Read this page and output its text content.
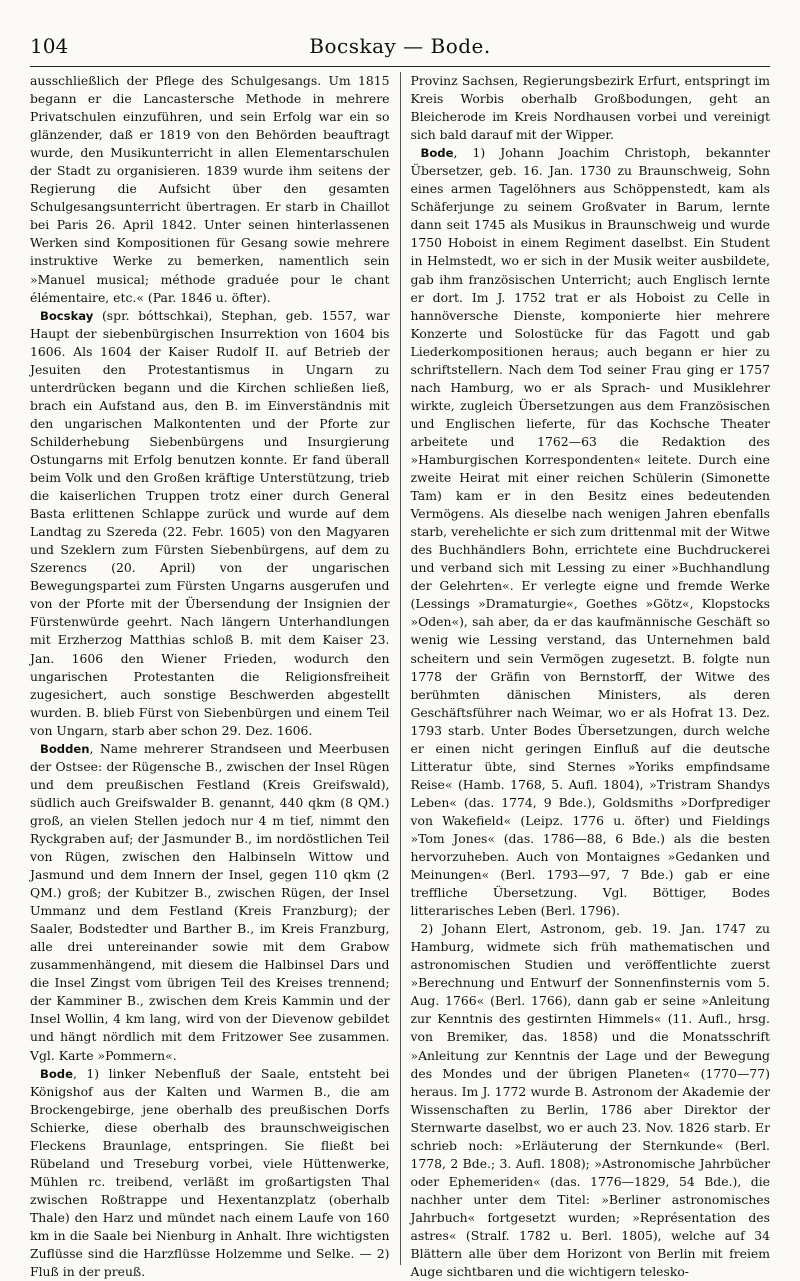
104	Bocskay — Bode.

ausschließlich der Pflege des Schulgesangs. Um 1815 begann er die Lancastersche Methode in mehrere Privatschulen einzuführen, und sein Erfolg war ein so glänzender, daß er 1819 von den Behörden beauftragt wurde, den Musikunterricht in allen Elementarschulen der Stadt zu organisieren. 1839 wurde ihm seitens der Regierung die Aufsicht über den gesamten Schulgesangsunterricht übertragen. Er starb in Chaillot bei Paris 26. April 1842. Unter seinen hinterlassenen Werken sind Kompositionen für Gesang sowie mehrere instruktive Werke zu bemerken, namentlich sein »Manuel musical; méthode graduée pour le chant élémentaire, etc.« (Par. 1846 u. öfter).

Bocskay (spr. bóttschkai), Stephan, geb. 1557, war Haupt der siebenbürgischen Insurrektion von 1604 bis 1606. Als 1604 der Kaiser Rudolf II. auf Betrieb der Jesuiten den Protestantismus in Ungarn zu unterdrücken begann und die Kirchen schließen ließ, brach ein Aufstand aus, den B. im Einverständnis mit den ungarischen Malkontenten und der Pforte zur Schilderhebung Siebenbürgens und Insurgierung Ostungarns mit Erfolg benutzen konnte. Er fand überall beim Volk und den Großen kräftige Unterstützung, trieb die kaiserlichen Truppen trotz einer durch General Basta erlittenen Schlappe zurück und wurde auf dem Landtag zu Szereda (22. Febr. 1605) von den Magyaren und Szeklern zum Fürsten Siebenbürgens, auf dem zu Szerencs (20. April) von der ungarischen Bewegungspartei zum Fürsten Ungarns ausgerufen und von der Pforte mit der Übersendung der Insignien der Fürstenwürde geehrt. Nach längern Unterhandlungen mit Erzherzog Matthias schloß B. mit dem Kaiser 23. Jan. 1606 den Wiener Frieden, wodurch den ungarischen Protestanten die Religionsfreiheit zugesichert, auch sonstige Beschwerden abgestellt wurden. B. blieb Fürst von Siebenbürgen und einem Teil von Ungarn, starb aber schon 29. Dez. 1606.

Bodden, Name mehrerer Strandseen und Meerbusen der Ostsee: der Rügensche B., zwischen der Insel Rügen und dem preußischen Festland (Kreis Greifswald), südlich auch Greifswalder B. genannt, 440 qkm (8 QM.) groß, an vielen Stellen jedoch nur 4 m tief, nimmt den Ryckgraben auf; der Jasmunder B., im nordöstlichen Teil von Rügen, zwischen den Halbinseln Wittow und Jasmund und dem Innern der Insel, gegen 110 qkm (2 QM.) groß; der Kubitzer B., zwischen Rügen, der Insel Ummanz und dem Festland (Kreis Franzburg); der Saaler, Bodstedter und Barther B., im Kreis Franzburg, alle drei untereinander sowie mit dem Grabow zusammenhängend, mit diesem die Halbinsel Dars und die Insel Zingst vom übrigen Teil des Kreises trennend; der Kamminer B., zwischen dem Kreis Kammin und der Insel Wollin, 4 km lang, wird von der Dievenow gebildet und hängt nördlich mit dem Fritzower See zusammen. Vgl. Karte »Pommern«.

Bode, 1) linker Nebenfluß der Saale, entsteht bei Königshof aus der Kalten und Warmen B., die am Brockengebirge, jene oberhalb des preußischen Dorfs Schierke, diese oberhalb des braunschweigischen Fleckens Braunlage, entspringen. Sie fließt bei Rübeland und Treseburg vorbei, viele Hüttenwerke, Mühlen rc. treibend, verläßt im großartigsten Thal zwischen Roßtrappe und Hexentanzplatz (oberhalb Thale) den Harz und mündet nach einem Laufe von 160 km in die Saale bei Nienburg in Anhalt. Ihre wichtigsten Zuflüsse sind die Harzflüsse Holzemme und Selke. — 2) Fluß in der preuß.

Provinz Sachsen, Regierungsbezirk Erfurt, entspringt im Kreis Worbis oberhalb Großbodungen, geht an Bleicherode im Kreis Nordhausen vorbei und vereinigt sich bald darauf mit der Wipper.

Bode, 1) Johann Joachim Christoph, bekannter Übersetzer, geb. 16. Jan. 1730 zu Braunschweig, Sohn eines armen Tagelöhners aus Schöppenstedt, kam als Schäferjunge zu seinem Großvater in Barum, lernte dann seit 1745 als Musikus in Braunschweig und wurde 1750 Hoboist in einem Regiment daselbst. Ein Student in Helmstedt, wo er sich in der Musik weiter ausbildete, gab ihm französischen Unterricht; auch Englisch lernte er dort. Im J. 1752 trat er als Hoboist zu Celle in hannöversche Dienste, komponierte hier mehrere Konzerte und Solostücke für das Fagott und gab Liederkompositionen heraus; auch begann er hier zu schriftstellern. Nach dem Tod seiner Frau ging er 1757 nach Hamburg, wo er als Sprach- und Musiklehrer wirkte, zugleich Übersetzungen aus dem Französischen und Englischen lieferte, für das Kochsche Theater arbeitete und 1762—63 die Redaktion des »Hamburgischen Korrespondenten« leitete. Durch eine zweite Heirat mit einer reichen Schülerin (Simonette Tam) kam er in den Besitz eines bedeutenden Vermögens. Als dieselbe nach wenigen Jahren ebenfalls starb, verehelichte er sich zum drittenmal mit der Witwe des Buchhändlers Bohn, errichtete eine Buchdruckerei und verband sich mit Lessing zu einer »Buchhandlung der Gelehrten«. Er verlegte eigne und fremde Werke (Lessings »Dramaturgie«, Goethes »Götz«, Klopstocks »Oden«), sah aber, da er das kaufmännische Geschäft so wenig wie Lessing verstand, das Unternehmen bald scheitern und sein Vermögen zugesetzt. B. folgte nun 1778 der Gräfin von Bernstorff, der Witwe des berühmten dänischen Ministers, als deren Geschäftsführer nach Weimar, wo er als Hofrat 13. Dez. 1793 starb. Unter Bodes Übersetzungen, durch welche er einen nicht geringen Einfluß auf die deutsche Litteratur übte, sind Sternes »Yoriks empfindsame Reise« (Hamb. 1768, 5. Aufl. 1804), »Tristram Shandys Leben« (das. 1774, 9 Bde.), Goldsmiths »Dorfprediger von Wakefield« (Leipz. 1776 u. öfter) und Fieldings »Tom Jones« (das. 1786—88, 6 Bde.) als die besten hervorzuheben. Auch von Montaignes »Gedanken und Meinungen« (Berl. 1793—97, 7 Bde.) gab er eine treffliche Übersetzung. Vgl. Böttiger, Bodes litterarisches Leben (Berl. 1796).

2) Johann Elert, Astronom, geb. 19. Jan. 1747 zu Hamburg, widmete sich früh mathematischen und astronomischen Studien und veröffentlichte zuerst »Berechnung und Entwurf der Sonnenfinsternis vom 5. Aug. 1766« (Berl. 1766), dann gab er seine »Anleitung zur Kenntnis des gestirnten Himmels« (11. Aufl., hrsg. von Bremiker, das. 1858) und die Monatsschrift »Anleitung zur Kenntnis der Lage und der Bewegung des Mondes und der übrigen Planeten« (1770—77) heraus. Im J. 1772 wurde B. Astronom der Akademie der Wissenschaften zu Berlin, 1786 aber Direktor der Sternwarte daselbst, wo er auch 23. Nov. 1826 starb. Er schrieb noch: »Erläuterung der Sternkunde« (Berl. 1778, 2 Bde.; 3. Aufl. 1808); »Astronomische Jahrbücher oder Ephemeriden« (das. 1776—1829, 54 Bde.), die nachher unter dem Titel: »Berliner astronomisches Jahrbuch« fortgesetzt wurden; »Représentation des astres« (Stralf. 1782 u. Berl. 1805), welche auf 34 Blättern alle über dem Horizont von Berlin mit freiem Auge sichtbaren und die wichtigern telesko-
